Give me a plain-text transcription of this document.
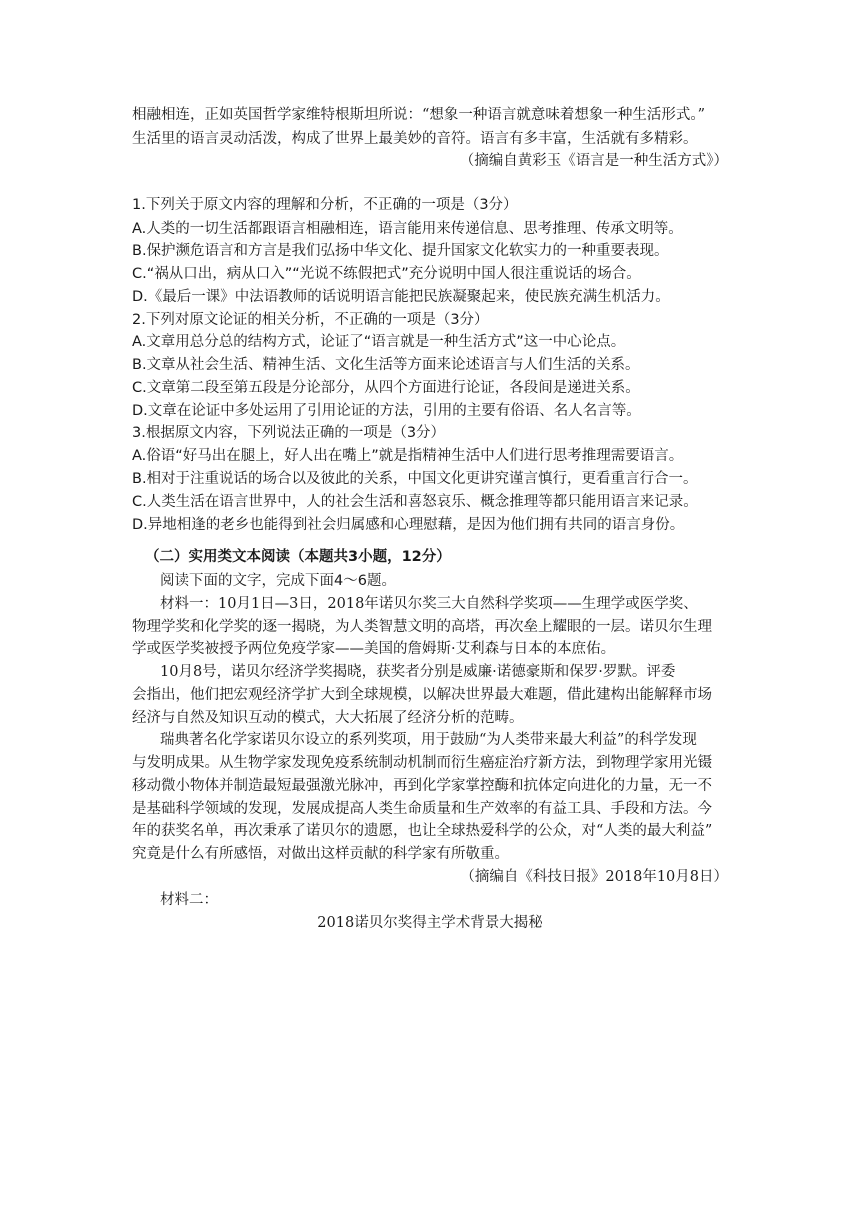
相融相连，正如英国哲学家维特根斯坦所说：“想象一种语言就意味着想象一种生活形式。”
生活里的语言灵动活泼，构成了世界上最美妙的音符。语言有多丰富，生活就有多精彩。
（摘编自黄彩玉《语言是一种生活方式》）
1.下列关于原文内容的理解和分析，不正确的一项是（3分）
A.人类的一切生活都跟语言相融相连，语言能用来传递信息、思考推理、传承文明等。
B.保护濒危语言和方言是我们弘扬中华文化、提升国家文化软实力的一种重要表现。
C.“祸从口出，病从口入”“光说不练假把式”充分说明中国人很注重说话的场合。
D.《最后一课》中法语教师的话说明语言能把民族凝聚起来，使民族充满生机活力。
2.下列对原文论证的相关分析，不正确的一项是（3分）
A.文章用总分总的结构方式，论证了“语言就是一种生活方式”这一中心论点。
B.文章从社会生活、精神生活、文化生活等方面来论述语言与人们生活的关系。
C.文章第二段至第五段是分论部分，从四个方面进行论证，各段间是递进关系。
D.文章在论证中多处运用了引用论证的方法，引用的主要有俗语、名人名言等。
3.根据原文内容，下列说法正确的一项是（3分）
A.俗语“好马出在腿上，好人出在嘴上”就是指精神生活中人们进行思考推理需要语言。
B.相对于注重说话的场合以及彼此的关系，中国文化更讲究谨言慎行，更看重言行合一。
C.人类生活在语言世界中，人的社会生活和喜怒哀乐、概念推理等都只能用语言来记录。
D.异地相逢的老乡也能得到社会归属感和心理慰藉，是因为他们拥有共同的语言身份。
（二）实用类文本阅读（本题共3小题，12分）
阅读下面的文字，完成下面4～6题。
材料一：10月1日—3日，2018年诺贝尔奖三大自然科学奖项——生理学或医学奖、
物理学奖和化学奖的逐一揭晓，为人类智慧文明的高塔，再次垒上耀眼的一层。诺贝尔生理
学或医学奖被授予两位免疫学家——美国的詹姆斯·艾利森与日本的本庶佑。
10月8号，诺贝尔经济学奖揭晓，获奖者分别是威廉·诺德豪斯和保罗·罗默。评委
会指出，他们把宏观经济学扩大到全球规模，以解决世界最大难题，借此建构出能解释市场
经济与自然及知识互动的模式，大大拓展了经济分析的范畴。
瑞典著名化学家诺贝尔设立的系列奖项，用于鼓励“为人类带来最大利益”的科学发现
与发明成果。从生物学家发现免疫系统制动机制而衍生癌症治疗新方法，到物理学家用光镊
移动微小物体并制造最短最强激光脉冲，再到化学家掌控酶和抗体定向进化的力量，无一不
是基础科学领域的发现，发展成提高人类生命质量和生产效率的有益工具、手段和方法。今
年的获奖名单，再次秉承了诺贝尔的遗愿，也让全球热爱科学的公众，对“人类的最大利益”
究竟是什么有所感悟，对做出这样贡献的科学家有所敬重。
（摘编自《科技日报》2018年10月8日）
材料二：
2018诺贝尔奖得主学术背景大揭秘
